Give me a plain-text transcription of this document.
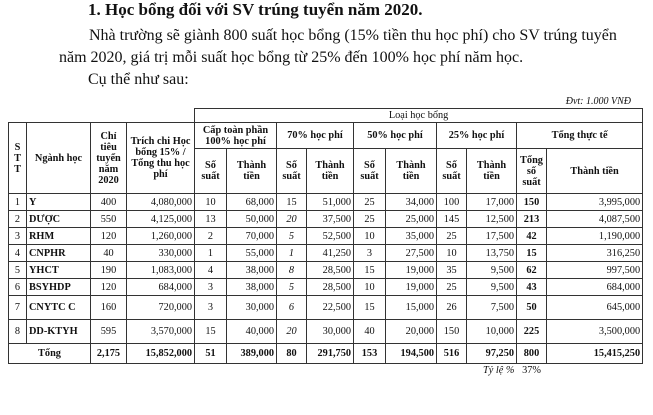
1. Học bổng đối với SV trúng tuyển năm 2020.
Nhà trường sẽ giành 800 suất học bổng (15% tiền thu học phí) cho SV trúng tuyển năm 2020, giá trị mỗi suất học bổng từ 25% đến 100% học phí năm học.
Cụ thể như sau:
Đvt: 1.000 VNĐ
				Loại học bổng									
S T T	Ngành học	Chỉ tiêu tuyển năm 2020	Trích chi Học bổng 15% / Tổng thu học phí	Cấp toàn phần 100% học phí		70% học phí		50% học phí		25% học phí		Tổng thực tế	
				Số suất	Thành tiền	Số suất	Thành tiền	Số suất	Thành tiền	Số suất	Thành tiền	Tổng số suất	Thành tiền
1	Y	400	4,080,000	10	68,000	15	51,000	25	34,000	100	17,000	150	3,995,000
2	DƯỢC	550	4,125,000	13	50,000	20	37,500	25	25,000	145	12,500	213	4,087,500
3	RHM	120	1,260,000	2	70,000	5	52,500	10	35,000	25	17,500	42	1,190,000
4	CNPHR	40	330,000	1	55,000	1	41,250	3	27,500	10	13,750	15	316,250
5	YHCT	190	1,083,000	4	38,000	8	28,500	15	19,000	35	9,500	62	997,500
6	BSYHDP	120	684,000	3	38,000	5	28,500	10	19,000	25	9,500	43	684,000
7	CNYTC C	160	720,000	3	30,000	6	22,500	15	15,000	26	7,500	50	645,000
8	DD-KTYH	595	3,570,000	15	40,000	20	30,000	40	20,000	150	10,000	225	3,500,000
Tổng		2,175	15,852,000	51	389,000	80	291,750	153	194,500	516	97,250	800	15,415,250
										Tỷ lệ %		37%	
